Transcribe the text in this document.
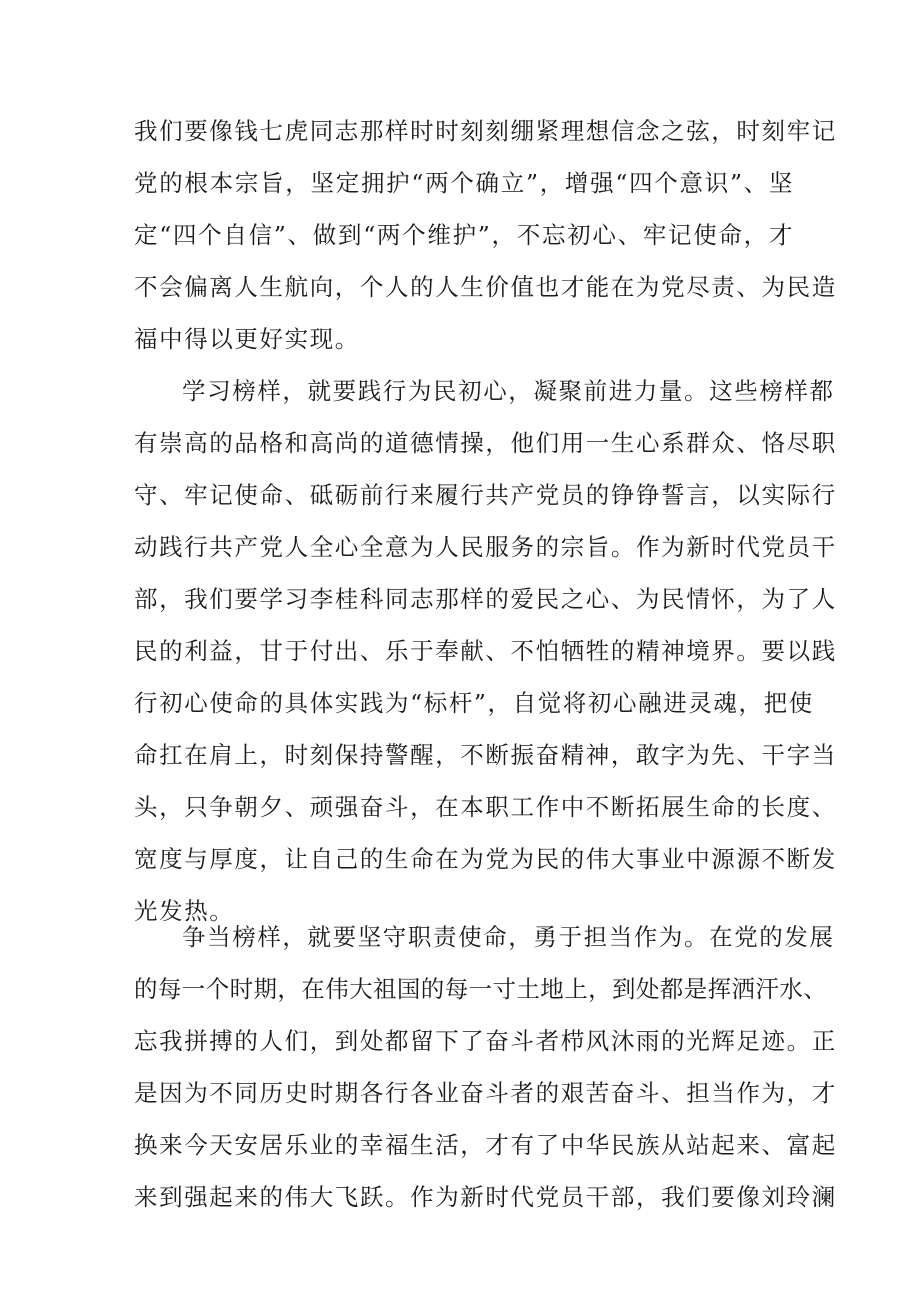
我们要像钱七虎同志那样时时刻刻绷紧理想信念之弦，时刻牢记
党的根本宗旨，坚定拥护“两个确立”，增强“四个意识”、坚
定“四个自信”、做到“两个维护”，不忘初心、牢记使命，才
不会偏离人生航向，个人的人生价值也才能在为党尽责、为民造
福中得以更好实现。
学习榜样，就要践行为民初心，凝聚前进力量。这些榜样都
有崇高的品格和高尚的道德情操，他们用一生心系群众、恪尽职
守、牢记使命、砥砺前行来履行共产党员的铮铮誓言，以实际行
动践行共产党人全心全意为人民服务的宗旨。作为新时代党员干
部，我们要学习李桂科同志那样的爱民之心、为民情怀，为了人
民的利益，甘于付出、乐于奉献、不怕牺牲的精神境界。要以践
行初心使命的具体实践为“标杆”，自觉将初心融进灵魂，把使
命扛在肩上，时刻保持警醒，不断振奋精神，敢字为先、干字当
头，只争朝夕、顽强奋斗，在本职工作中不断拓展生命的长度、
宽度与厚度，让自己的生命在为党为民的伟大事业中源源不断发
光发热。
争当榜样，就要坚守职责使命，勇于担当作为。在党的发展
的每一个时期，在伟大祖国的每一寸土地上，到处都是挥洒汗水、
忘我拼搏的人们，到处都留下了奋斗者栉风沐雨的光辉足迹。正
是因为不同历史时期各行各业奋斗者的艰苦奋斗、担当作为，才
换来今天安居乐业的幸福生活，才有了中华民族从站起来、富起
来到强起来的伟大飞跃。作为新时代党员干部，我们要像刘玲澜
